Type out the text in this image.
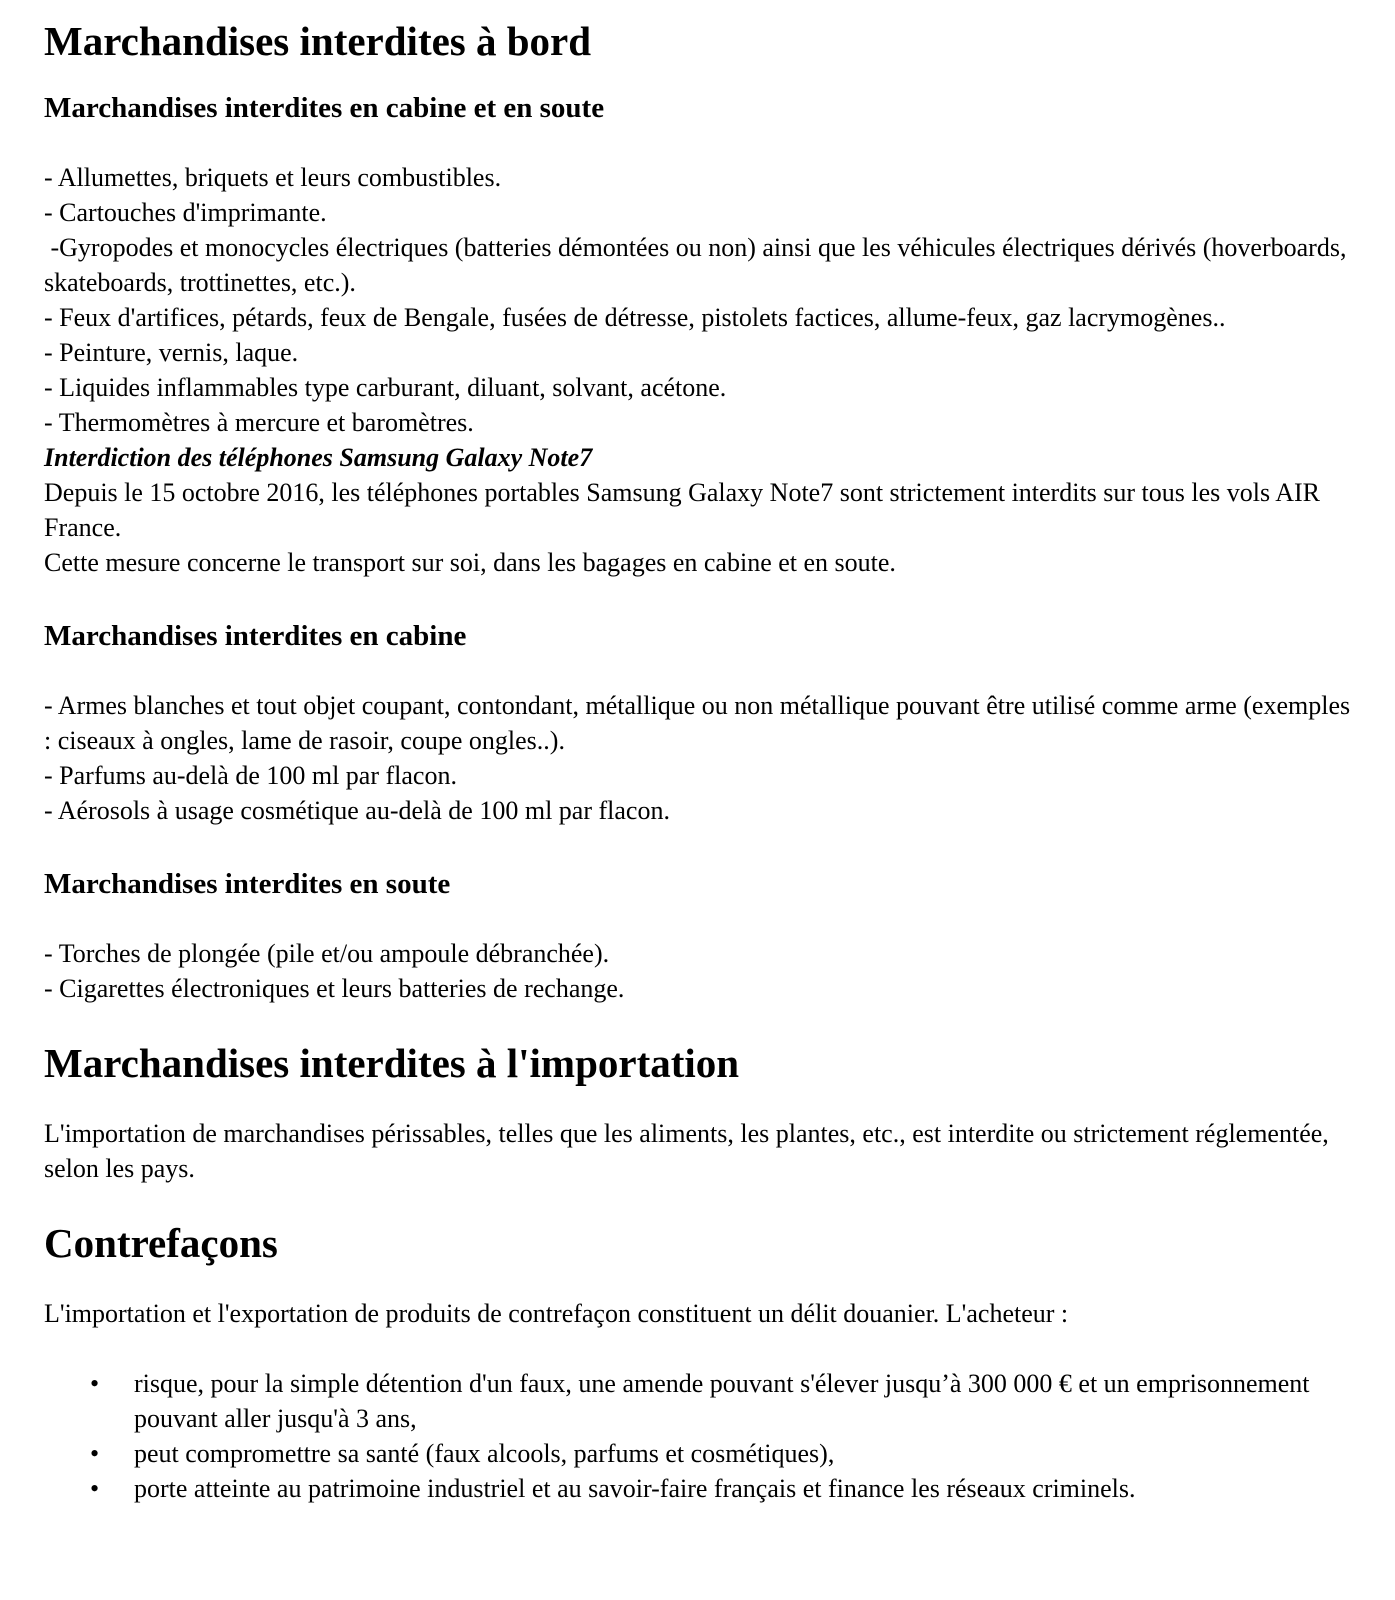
Marchandises interdites à bord
Marchandises interdites en cabine et en soute

- Allumettes, briquets et leurs combustibles.

- Cartouches d'imprimante.

-Gyropodes et monocycles électriques (batteries démontées ou non) ainsi que les véhicules électriques dérivés (hoverboards, skateboards, trottinettes, etc.).

- Feux d'artifices, pétards, feux de Bengale, fusées de détresse, pistolets factices, allume-feux, gaz lacrymogènes..

- Peinture, vernis, laque.

- Liquides inflammables type carburant, diluant, solvant, acétone.

- Thermomètres à mercure et baromètres.

Interdiction des téléphones Samsung Galaxy Note7

Depuis le 15 octobre 2016, les téléphones portables Samsung Galaxy Note7 sont strictement interdits sur tous les vols AIR France.

Cette mesure concerne le transport sur soi, dans les bagages en cabine et en soute.

Marchandises interdites en cabine

- Armes blanches et tout objet coupant, contondant, métallique ou non métallique pouvant être utilisé comme arme (exemples : ciseaux à ongles, lame de rasoir, coupe ongles..).

- Parfums au-delà de 100 ml par flacon.

- Aérosols à usage cosmétique au-delà de 100 ml par flacon.

Marchandises interdites en soute

- Torches de plongée (pile et/ou ampoule débranchée).

- Cigarettes électroniques et leurs batteries de rechange.

Marchandises interdites à l'importation

L'importation de marchandises périssables, telles que les aliments, les plantes, etc., est interdite ou strictement réglementée, selon les pays.

Contrefaçons

L'importation et l'exportation de produits de contrefaçon constituent un délit douanier. L'acheteur :

• risque, pour la simple détention d'un faux, une amende pouvant s'élever jusqu’à 300 000 € et un emprisonnement pouvant aller jusqu'à 3 ans,
• peut compromettre sa santé (faux alcools, parfums et cosmétiques),
• porte atteinte au patrimoine industriel et au savoir-faire français et finance les réseaux criminels.
